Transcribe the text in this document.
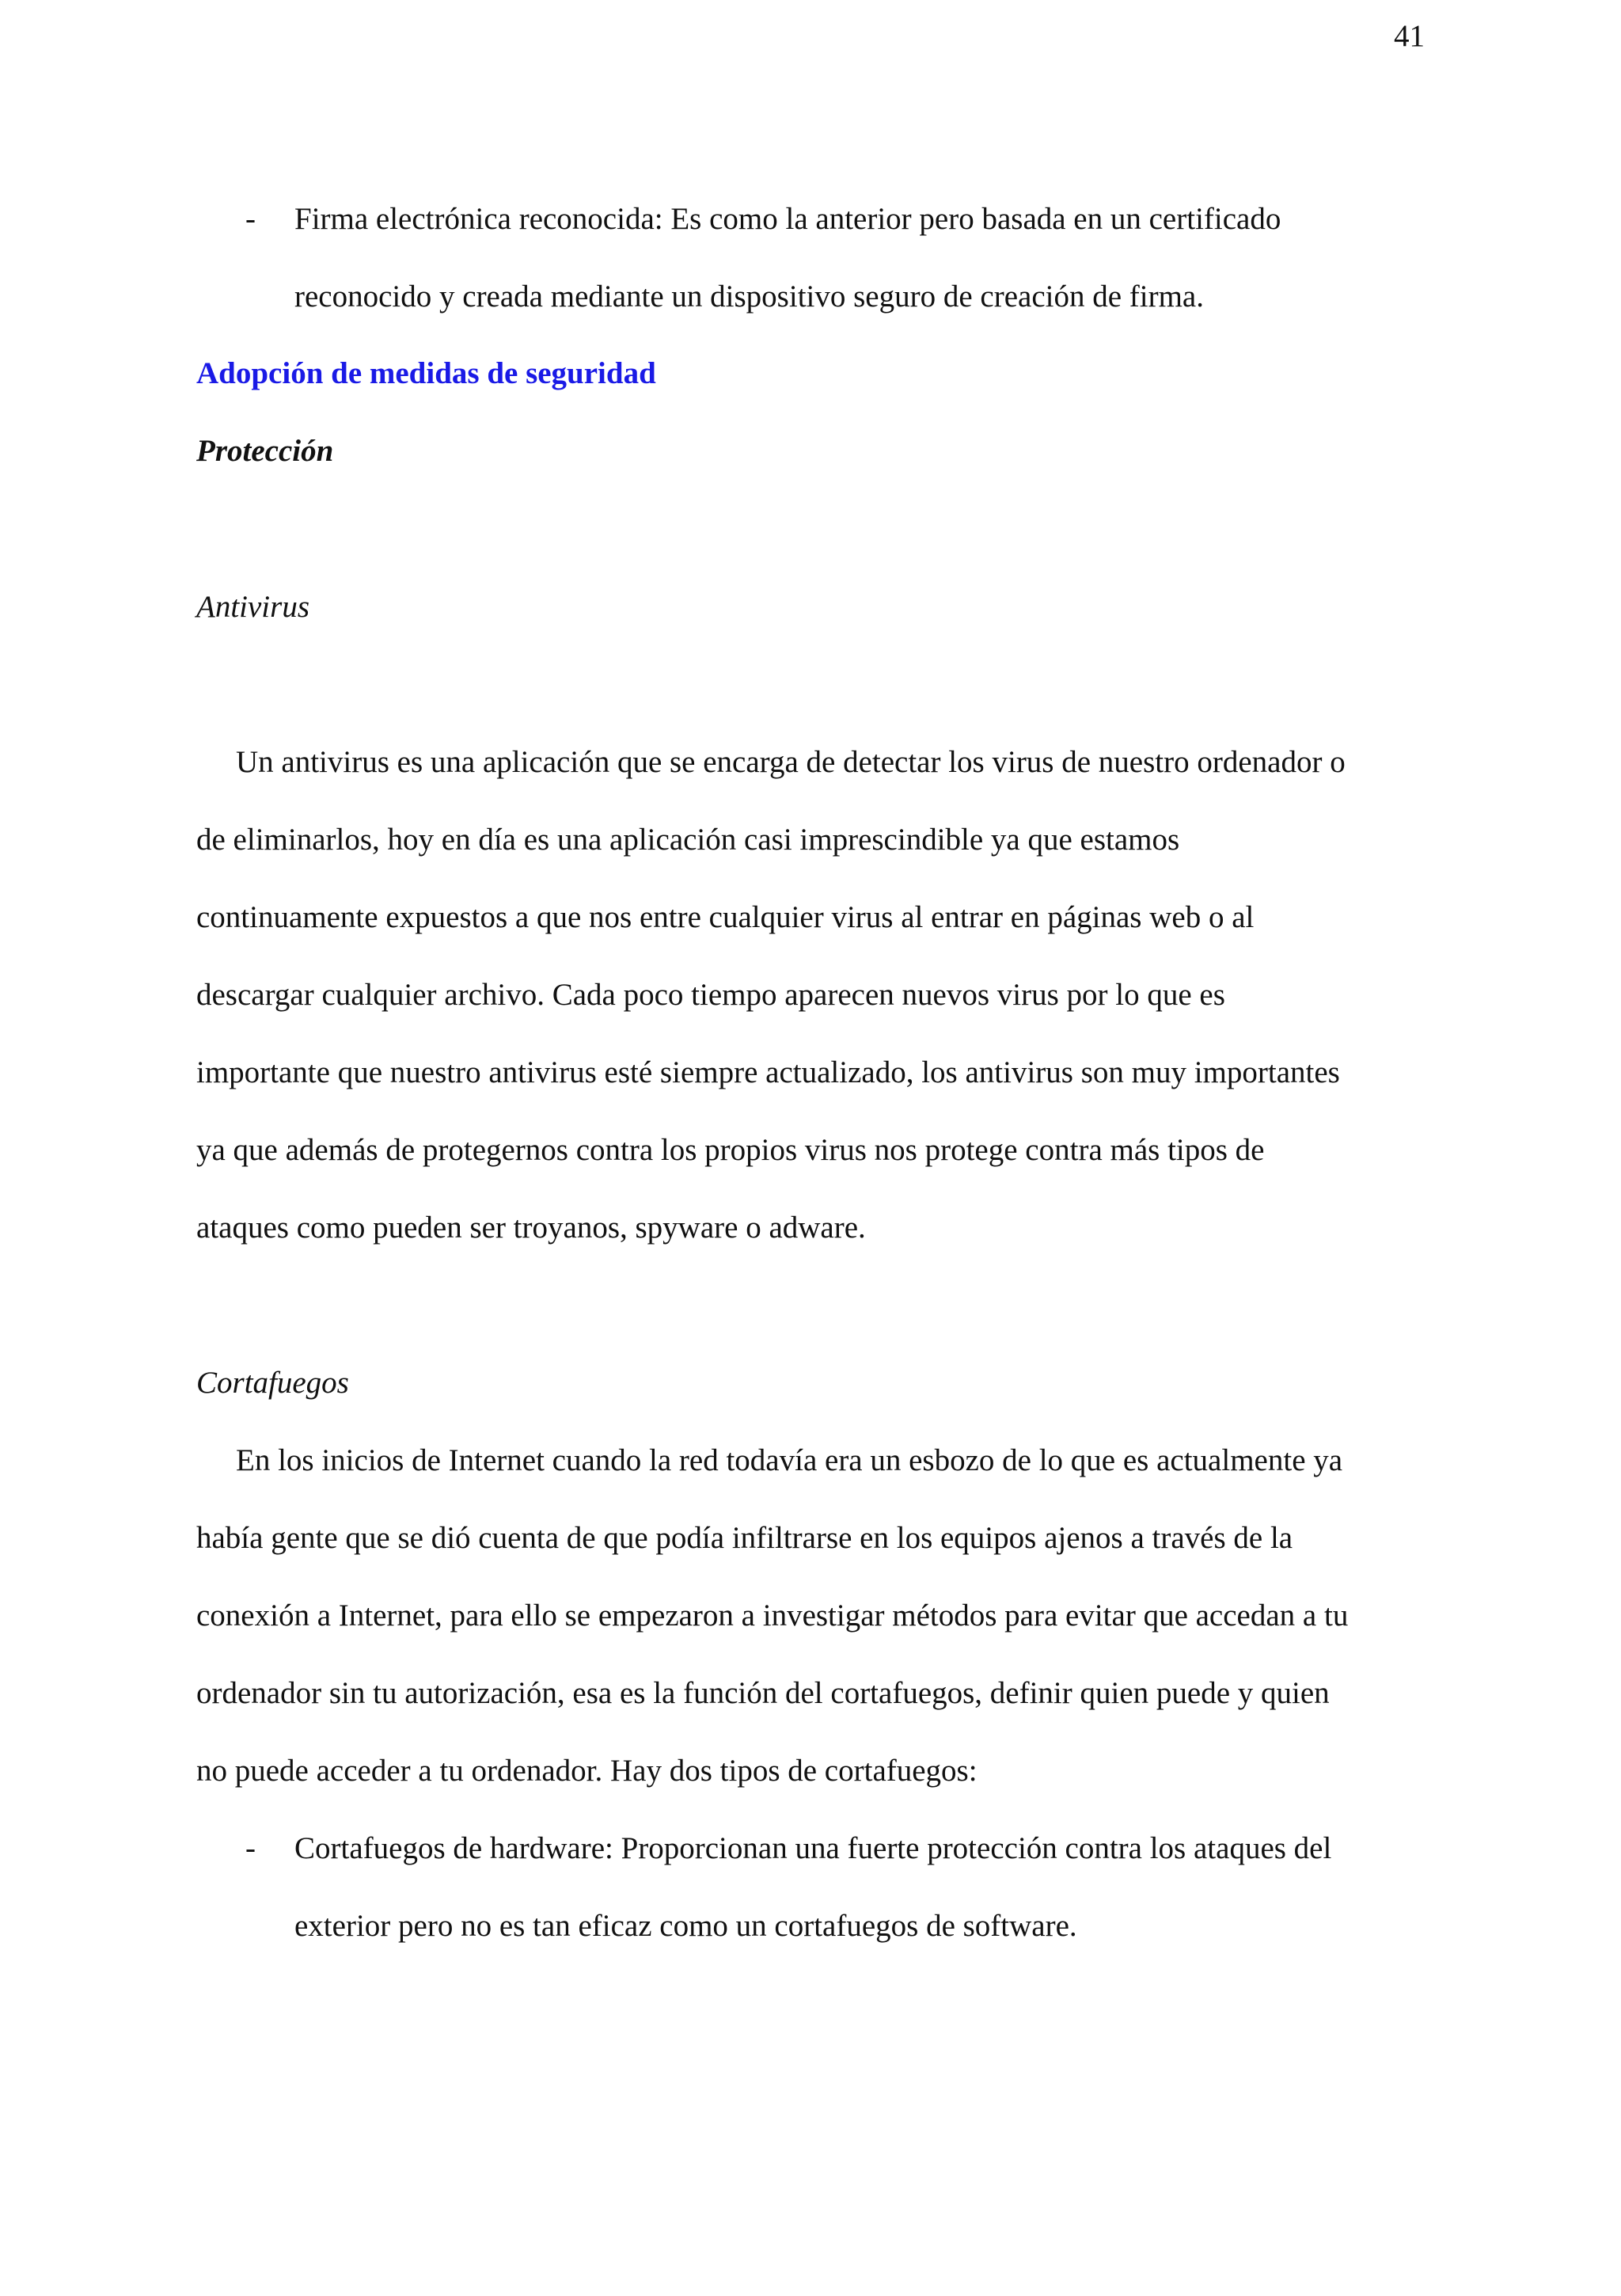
41
- Firma electrónica reconocida: Es como la anterior pero basada en un certificado
reconocido y creada mediante un dispositivo seguro de creación de firma.
Adopción de medidas de seguridad
Protección
Antivirus
Un antivirus es una aplicación que se encarga de detectar los virus de nuestro ordenador o
de eliminarlos, hoy en día es una aplicación casi imprescindible ya que estamos
continuamente expuestos a que nos entre cualquier virus al entrar en páginas web o al
descargar cualquier archivo. Cada poco tiempo aparecen nuevos virus por lo que es
importante que nuestro antivirus esté siempre actualizado, los antivirus son muy importantes
ya que además de protegernos contra los propios virus nos protege contra más tipos de
ataques como pueden ser troyanos, spyware o adware.
Cortafuegos
En los inicios de Internet cuando la red todavía era un esbozo de lo que es actualmente ya
había gente que se dió cuenta de que podía infiltrarse en los equipos ajenos a través de la
conexión a Internet, para ello se empezaron a investigar métodos para evitar que accedan a tu
ordenador sin tu autorización, esa es la función del cortafuegos, definir quien puede y quien
no puede acceder a tu ordenador. Hay dos tipos de cortafuegos:
- Cortafuegos de hardware: Proporcionan una fuerte protección contra los ataques del
exterior pero no es tan eficaz como un cortafuegos de software.
